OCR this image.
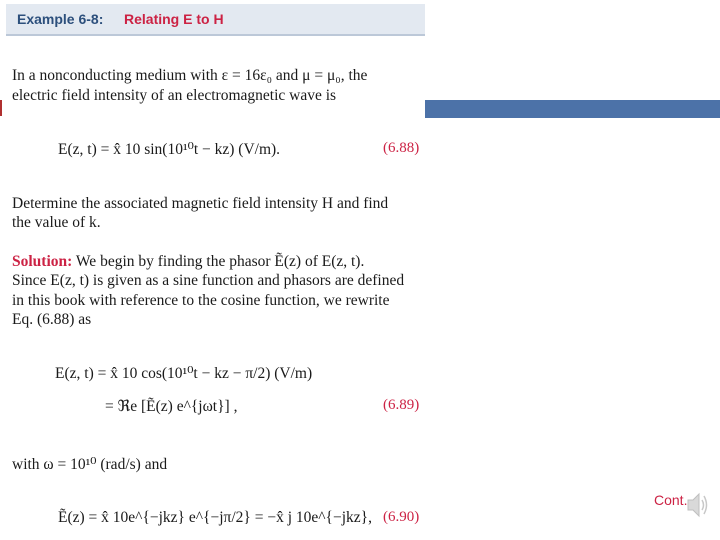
Example 6-8: Relating E to H

In a nonconducting medium with ε = 16ε₀ and μ = μ₀, the

electric field intensity of an electromagnetic wave is

E(z, t) = x̂ 10 sin(10¹⁰t − kz) (V/m).	(6.88)

Determine the associated magnetic field intensity H and find

the value of k.

Solution: We begin by finding the phasor Ẽ(z) of E(z, t).

Since E(z, t) is given as a sine function and phasors are defined

in this book with reference to the cosine function, we rewrite

Eq. (6.88) as

E(z, t) = x̂ 10 cos(10¹⁰t − kz − π/2) (V/m)
= ℜe [Ẽ(z) e^{jωt}] ,	(6.89)

with ω = 10¹⁰ (rad/s) and

Ẽ(z) = x̂ 10e^{−jkz} e^{−jπ/2} = −x̂ j 10e^{−jkz}, (6.90)
Cont.
